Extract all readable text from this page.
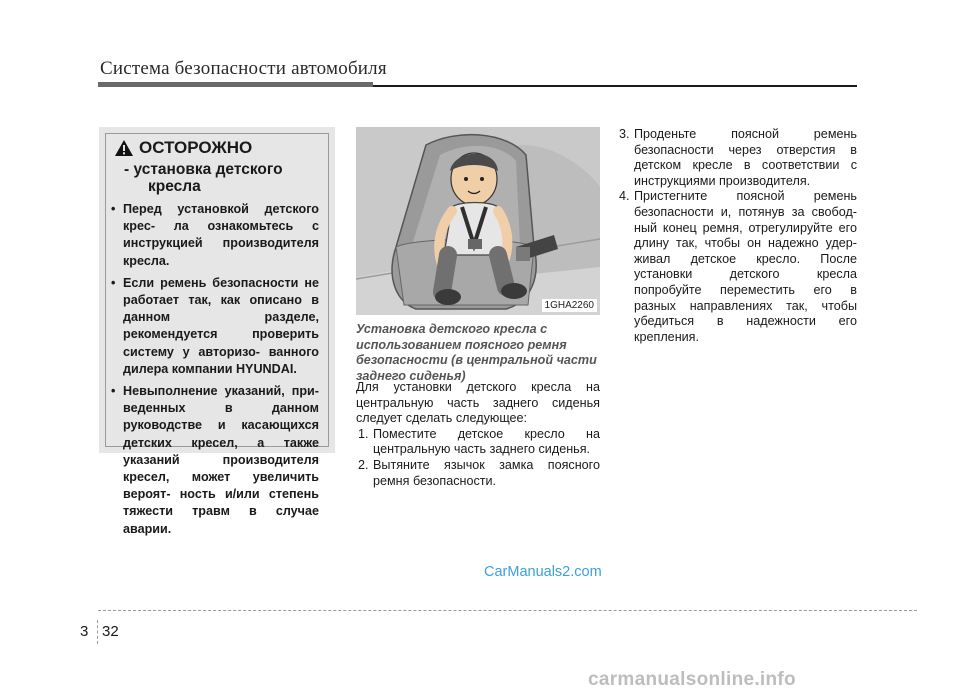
Система безопасности автомобиля
ОСТОРОЖНО
- установка детского
кресла
• Перед установкой детского крес- ла ознакомьтесь с инструкцией производителя кресла.
• Если ремень безопасности не работает так, как описано в данном разделе, рекомендуется проверить систему у авторизо- ванного дилера компании HYUNDAI.
• Невыполнение указаний, при- веденных в данном руководстве и касающихся детских кресел, а также указаний производителя кресел, может увеличить вероят- ность и/или степень тяжести травм в случае аварии.
1GHA2260
Установка детского кресла с использованием поясного ремня безопасности (в центральной части заднего сиденья)
Для установки детского кресла на центральную часть заднего сиденья следует сделать следующее:
1. Поместите детское кресло на центральную часть заднего сиденья.
2. Вытяните язычок замка поясного ремня безопасности.
3. Проденьте поясной ремень безопасности через отверстия в детском кресле в соответствии с инструкциями производителя.
4. Пристегните поясной ремень безопасности и, потянув за свобод- ный конец ремня, отрегулируйте его длину так, чтобы он надежно удер- живал детское кресло. После установки детского кресла попробуйте переместить его в разных направлениях так, чтобы убедиться в надежности его крепления.
CarManuals2.com
3 32
carmanualsonline.info
